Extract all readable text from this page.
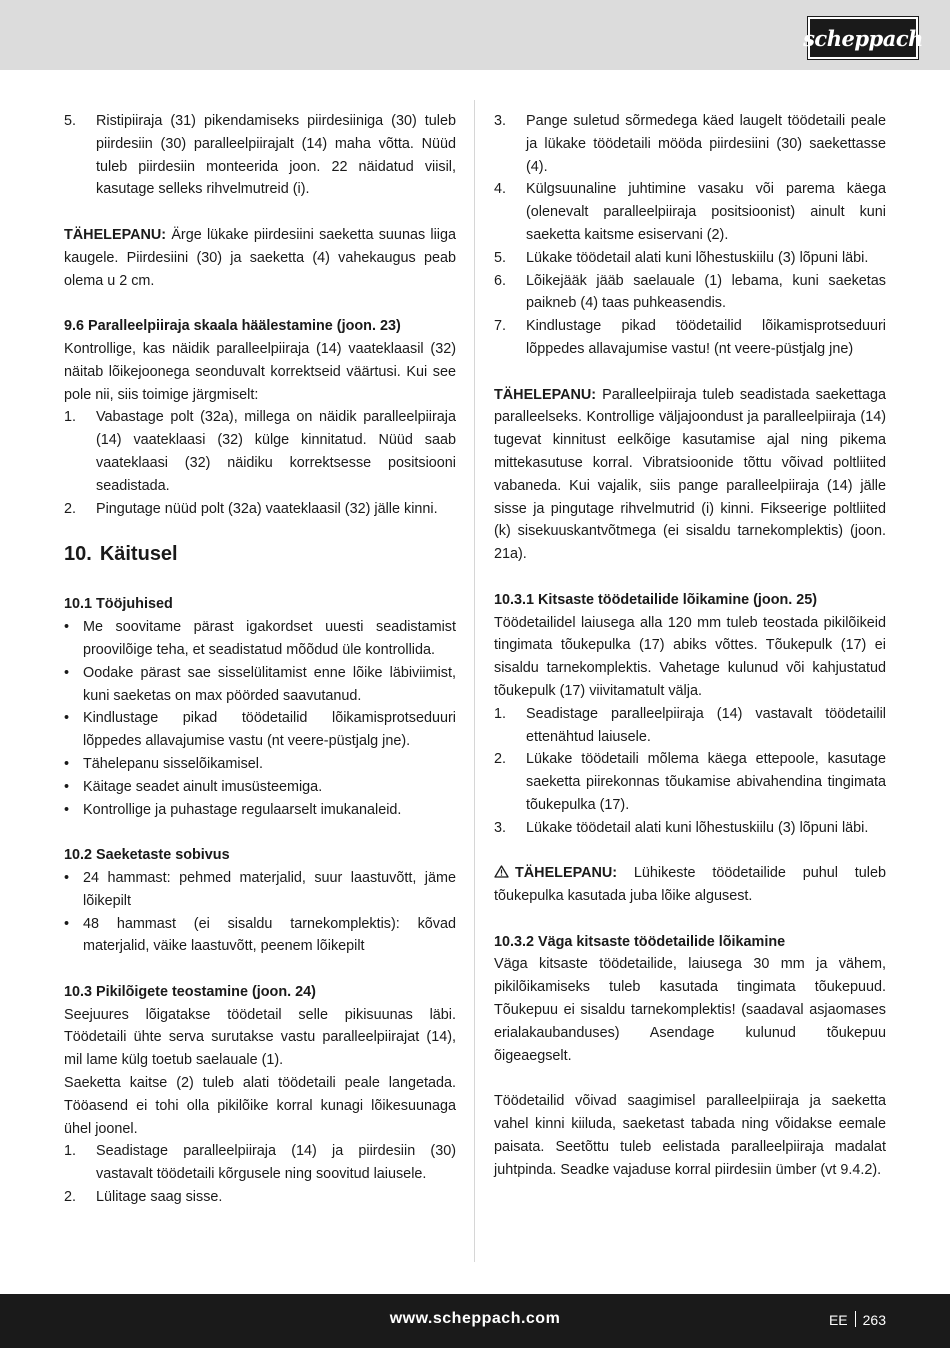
scheppach
5. Ristipiiraja (31) pikendamiseks piirdesiiniga (30) tuleb piirdesiin (30) paralleelpiirajalt (14) maha võtta. Nüüd tuleb piirdesiin monteerida joon. 22 näidatud viisil, kasutage selleks rihvelmutreid (i).

TÄHELEPANU: Ärge lükake piirdesiini saeketta suunas liiga kaugele. Piirdesiini (30) ja saeketta (4) vahekaugus peab olema u 2 cm.

9.6 Paralleelpiiraja skaala häälestamine (joon. 23)

Kontrollige, kas näidik paralleelpiiraja (14) vaateklaasil (32) näitab lõikejoonega seonduvalt korrektseid väärtusi. Kui see pole nii, siis toimige järgmiselt:

1. Vabastage polt (32a), millega on näidik paralleelpiiraja (14) vaateklaasi (32) külge kinnitatud. Nüüd saab vaateklaasi (32) näidiku korrektsesse positsiooni seadistada.
2. Pingutage nüüd polt (32a) vaateklaasil (32) jälle kinni.
10. Käitusel

10.1 Tööjuhised

• Me soovitame pärast igakordset uuesti seadistamist proovilõige teha, et seadistatud mõõdud üle kontrollida.
• Oodake pärast sae sisselülitamist enne lõike läbiviimist, kuni saeketas on max pöörded saavutanud.
• Kindlustage pikad töödetailid lõikamisprotseduuri lõppedes allavajumise vastu (nt veere-püstjalg jne).
• Tähelepanu sisselõikamisel.
• Käitage seadet ainult imusüsteemiga.
• Kontrollige ja puhastage regulaarselt imukanaleid.

10.2 Saeketaste sobivus

• 24 hammast: pehmed materjalid, suur laastuvõtt, jäme lõikepilt
• 48 hammast (ei sisaldu tarnekomplektis): kõvad materjalid, väike laastuvõtt, peenem lõikepilt

10.3 Pikilõigete teostamine (joon. 24)

Seejuures lõigatakse töödetail selle pikisuunas läbi. Töödetaili ühte serva surutakse vastu paralleelpiirajat (14), mil lame külg toetub saelauale (1).

Saeketta kaitse (2) tuleb alati töödetaili peale langetada. Tööasend ei tohi olla pikilõike korral kunagi lõikesuunaga ühel joonel.

1. Seadistage paralleelpiiraja (14) ja piirdesiin (30) vastavalt töödetaili kõrgusele ning soovitud laiusele.
2. Lülitage saag sisse.
3. Pange suletud sõrmedega käed laugelt töödetaili peale ja lükake töödetaili mööda piirdesiini (30) saekettasse (4).
4. Külgsuunaline juhtimine vasaku või parema käega (olenevalt paralleelpiiraja positsioonist) ainult kuni saeketta kaitsme esiservani (2).
5. Lükake töödetail alati kuni lõhestuskiilu (3) lõpuni läbi.
6. Lõikejääk jääb saelauale (1) lebama, kuni saeketas paikneb (4) taas puhkeasendis.
7. Kindlustage pikad töödetailid lõikamisprotseduuri lõppedes allavajumise vastu! (nt veere-püstjalg jne)

TÄHELEPANU: Paralleelpiiraja tuleb seadistada saekettaga paralleelseks. Kontrollige väljajoondust ja paralleelpiiraja (14) tugevat kinnitust eelkõige kasutamise ajal ning pikema mittekasutuse korral. Vibratsioonide tõttu võivad poltliited vabaneda. Kui vajalik, siis pange paralleelpiiraja (14) jälle sisse ja pingutage rihvelmutrid (i) kinni. Fikseerige poltliited (k) sisekuuskantvõtmega (ei sisaldu tarnekomplektis) (joon. 21a).

10.3.1 Kitsaste töödetailide lõikamine (joon. 25)

Töödetailidel laiusega alla 120 mm tuleb teostada pikilõikeid tingimata tõukepulka (17) abiks võttes. Tõukepulk (17) ei sisaldu tarnekomplektis. Vahetage kulunud või kahjustatud tõukepulk (17) viivitamatult välja.

1. Seadistage paralleelpiiraja (14) vastavalt töödetailil ettenähtud laiusele.
2. Lükake töödetaili mõlema käega ettepoole, kasutage saeketta piirekonnas tõukamise abivahendina tingimata tõukepulka (17).
3. Lükake töödetail alati kuni lõhestuskiilu (3) lõpuni läbi.

TÄHELEPANU: Lühikeste töödetailide puhul tuleb tõukepulka kasutada juba lõike algusest.

10.3.2 Väga kitsaste töödetailide lõikamine

Väga kitsaste töödetailide, laiusega 30 mm ja vähem, pikilõikamiseks tuleb kasutada tingimata tõukepuud. Tõukepuu ei sisaldu tarnekomplektis! (saadaval asjaomases erialakaubanduses) Asendage kulunud tõukepuu õigeaegselt.

Töödetailid võivad saagimisel paralleelpiiraja ja saeketta vahel kinni kiiluda, saeketast tabada ning võidakse eemale paisata. Seetõttu tuleb eelistada paralleelpiiraja madalat juhtpinda. Seadke vajaduse korral piirdesiin ümber (vt 9.4.2).

www.scheppach.com	EE 263
